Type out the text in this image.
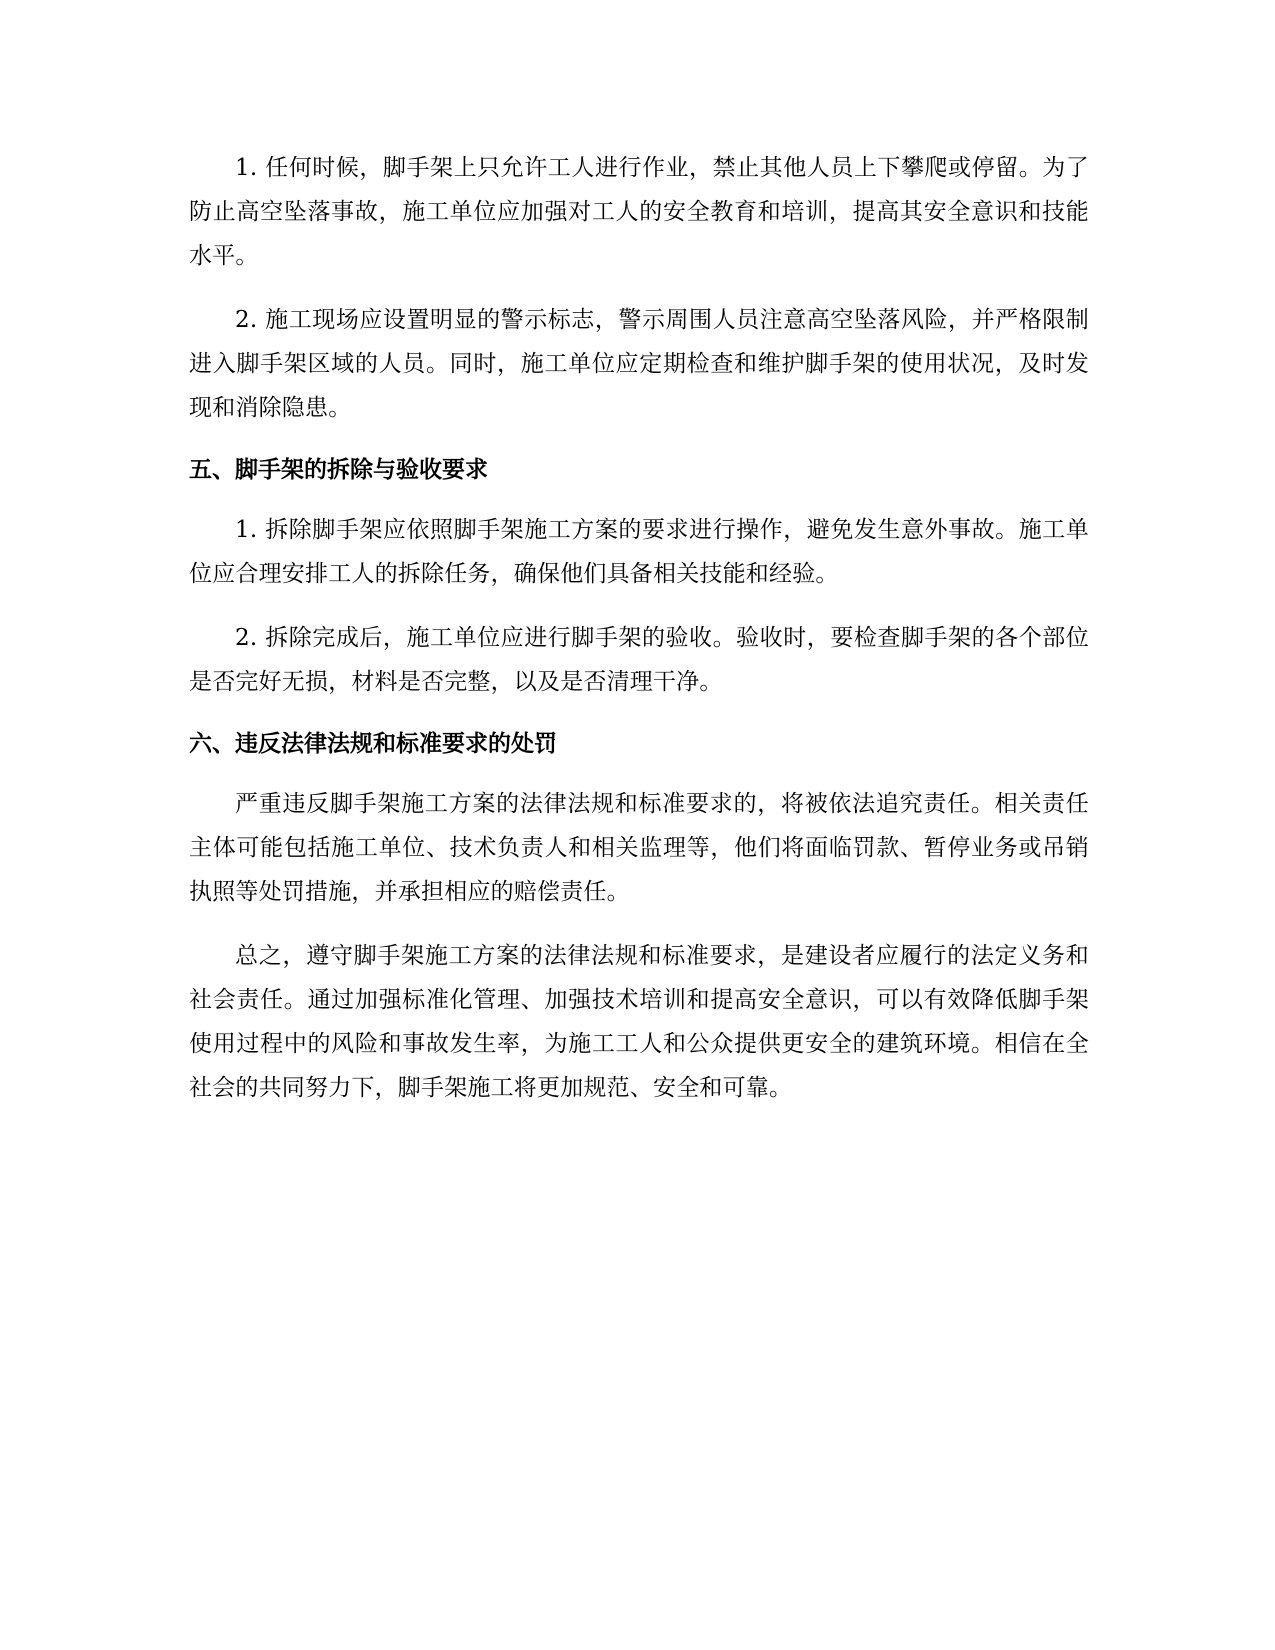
1. 任何时候，脚手架上只允许工人进行作业，禁止其他人员上下攀爬或停留。为了防止高空坠落事故，施工单位应加强对工人的安全教育和培训，提高其安全意识和技能水平。

2. 施工现场应设置明显的警示标志，警示周围人员注意高空坠落风险，并严格限制进入脚手架区域的人员。同时，施工单位应定期检查和维护脚手架的使用状况，及时发现和消除隐患。

五、脚手架的拆除与验收要求

1. 拆除脚手架应依照脚手架施工方案的要求进行操作，避免发生意外事故。施工单位应合理安排工人的拆除任务，确保他们具备相关技能和经验。

2. 拆除完成后，施工单位应进行脚手架的验收。验收时，要检查脚手架的各个部位是否完好无损，材料是否完整，以及是否清理干净。

六、违反法律法规和标准要求的处罚

严重违反脚手架施工方案的法律法规和标准要求的，将被依法追究责任。相关责任主体可能包括施工单位、技术负责人和相关监理等，他们将面临罚款、暂停业务或吊销执照等处罚措施，并承担相应的赔偿责任。

总之，遵守脚手架施工方案的法律法规和标准要求，是建设者应履行的法定义务和社会责任。通过加强标准化管理、加强技术培训和提高安全意识，可以有效降低脚手架使用过程中的风险和事故发生率，为施工工人和公众提供更安全的建筑环境。相信在全社会的共同努力下，脚手架施工将更加规范、安全和可靠。
